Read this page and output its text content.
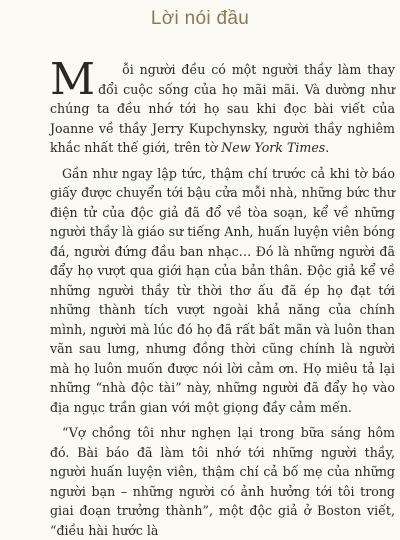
Lời nói đầu

M ỗi người đều có một người thầy làm thay đổi cuộc sống của họ mãi mãi. Và dường như chúng ta đều nhớ tới họ sau khi đọc bài viết của Joanne về thầy Jerry Kupchynsky, người thầy nghiêm khắc nhất thế giới, trên tờ New York Times.

Gần như ngay lập tức, thậm chí trước cả khi tờ báo giấy được chuyển tới bậu cửa mỗi nhà, những bức thư điện tử của độc giả đã đổ về tòa soạn, kể về những người thầy là giáo sư tiếng Anh, huấn luyện viên bóng đá, người đứng đầu ban nhạc… Đó là những người đã đẩy họ vượt qua giới hạn của bản thân. Độc giả kể về những người thầy từ thời thơ ấu đã ép họ đạt tới những thành tích vượt ngoài khả năng của chính mình, người mà lúc đó họ đã rất bất mãn và luôn than vãn sau lưng, nhưng đồng thời cũng chính là người mà họ luôn muốn được nói lời cảm ơn. Họ miêu tả lại những “nhà độc tài” này, những người đã đẩy họ vào địa ngục trần gian với một giọng đầy cảm mến.

“Vợ chồng tôi như nghẹn lại trong bữa sáng hôm đó. Bài báo đã làm tôi nhớ tới những người thầy, người huấn luyện viên, thậm chí cả bố mẹ của những người bạn – những người có ảnh hưởng tới tôi trong giai đoạn trưởng thành”, một độc giả ở Boston viết, “điều hài hước là
